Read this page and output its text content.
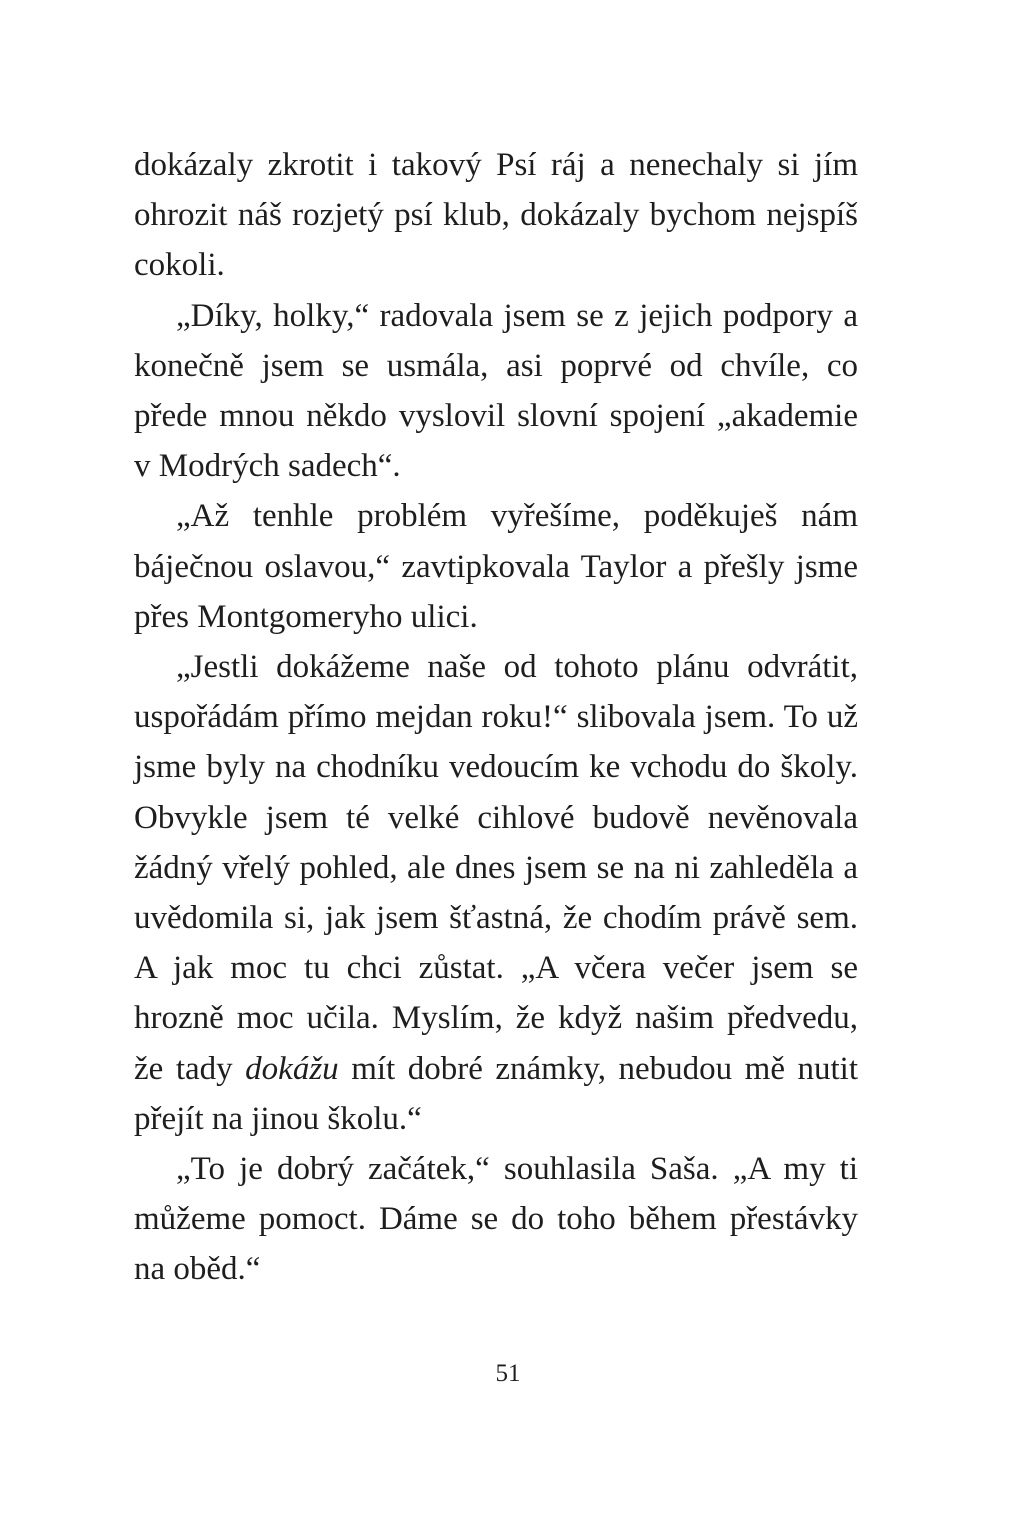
dokázaly zkrotit i takový Psí ráj a nenechaly si jím ohrozit náš rozjetý psí klub, dokázaly bychom nejspíš cokoli.

„Díky, holky,“ radovala jsem se z jejich podpory a konečně jsem se usmála, asi poprvé od chvíle, co přede mnou někdo vyslovil slovní spojení „akademie v Modrých sadech“.

„Až tenhle problém vyřešíme, poděkuješ nám báječnou oslavou,“ zavtipkovala Taylor a přešly jsme přes Montgomeryho ulici.

„Jestli dokážeme naše od tohoto plánu odvrátit, uspořádám přímo mejdan roku!“ slibovala jsem. To už jsme byly na chodníku vedoucím ke vchodu do školy. Obvykle jsem té velké cihlové budově nevěnovala žádný vřelý pohled, ale dnes jsem se na ni zahleděla a uvědomila si, jak jsem šťastná, že chodím právě sem. A jak moc tu chci zůstat. „A včera večer jsem se hrozně moc učila. Myslím, že když našim předvedu, že tady dokážu mít dobré známky, nebudou mě nutit přejít na jinou školu.“

„To je dobrý začátek,“ souhlasila Saša. „A my ti můžeme pomoct. Dáme se do toho během přestávky na oběd.“

51
